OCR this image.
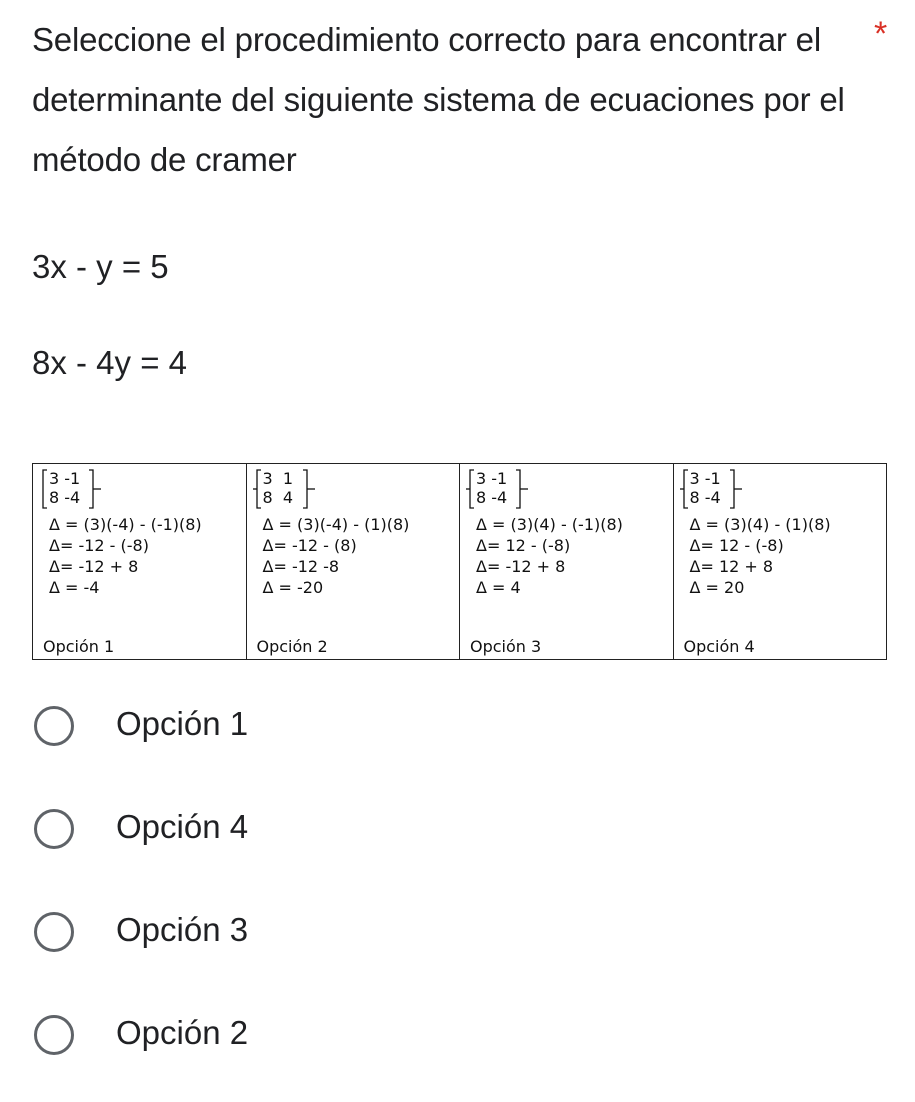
Seleccione el procedimiento correcto para encontrar el determinante del siguiente sistema de ecuaciones por el método de cramer
*
3x - y = 5
8x - 4y = 4
3 -1
8 -4
Δ = (3)(-4) - (-1)(8)
Δ= -12 - (-8)
Δ= -12 + 8
Δ = -4
Opción 1
3  1
8  4
Δ = (3)(-4) - (1)(8)
Δ= -12 - (8)
Δ= -12 -8
Δ = -20
Opción 2
3 -1
8 -4
Δ = (3)(4) - (-1)(8)
Δ= 12 - (-8)
Δ= -12 + 8
Δ = 4
Opción 3
3 -1
8 -4
Δ = (3)(4) - (1)(8)
Δ= 12 - (-8)
Δ= 12 + 8
Δ = 20
Opción 4
Opción 1
Opción 4
Opción 3
Opción 2
